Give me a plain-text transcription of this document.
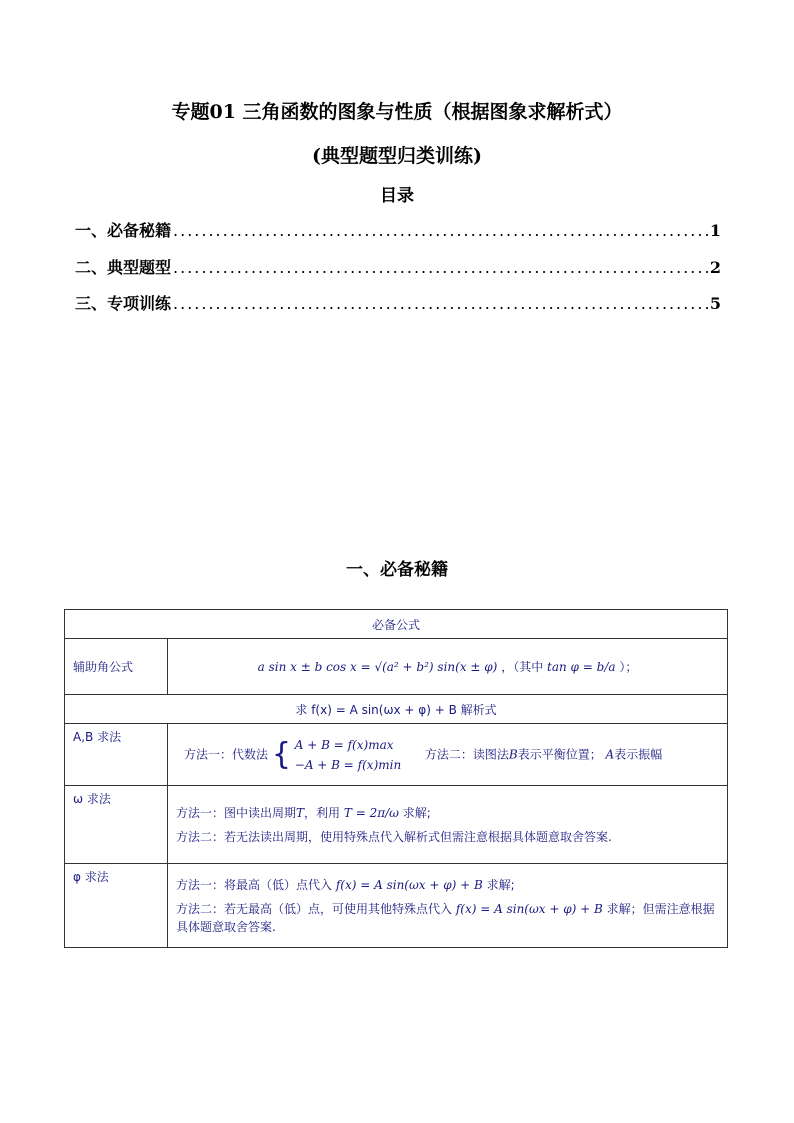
专题01 三角函数的图象与性质（根据图象求解析式）
(典型题型归类训练)
目录
一、必备秘籍 .....	1
二、典型题型 .....	2
三、专项训练 .....	5
一、必备秘籍
必备公式	
辅助角公式	a sin x ± b cos x = √(a² + b²) sin(x ± φ) ，（其中 tan φ = b/a ）；
求 f(x) = A sin(ωx + φ) + B 解析式	
A,B 求法	方法一：代数法 { A + B = f(x)max
−A + B = f(x)min
方法二：读图法B表示平衡位置； A表示振幅
ω 求法	方法一：图中读出周期T，利用 T = 2π/ω 求解;
方法二：若无法读出周期，使用特殊点代入解析式但需注意根据具体题意取舍答案.

φ 求法	方法一：将最高（低）点代入 f(x) = A sin(ωx + φ) + B 求解;
方法二：若无最高（低）点，可使用其他特殊点代入 f(x) = A sin(ωx + φ) + B 求解；但需注意根据具体题意取舍答案.
